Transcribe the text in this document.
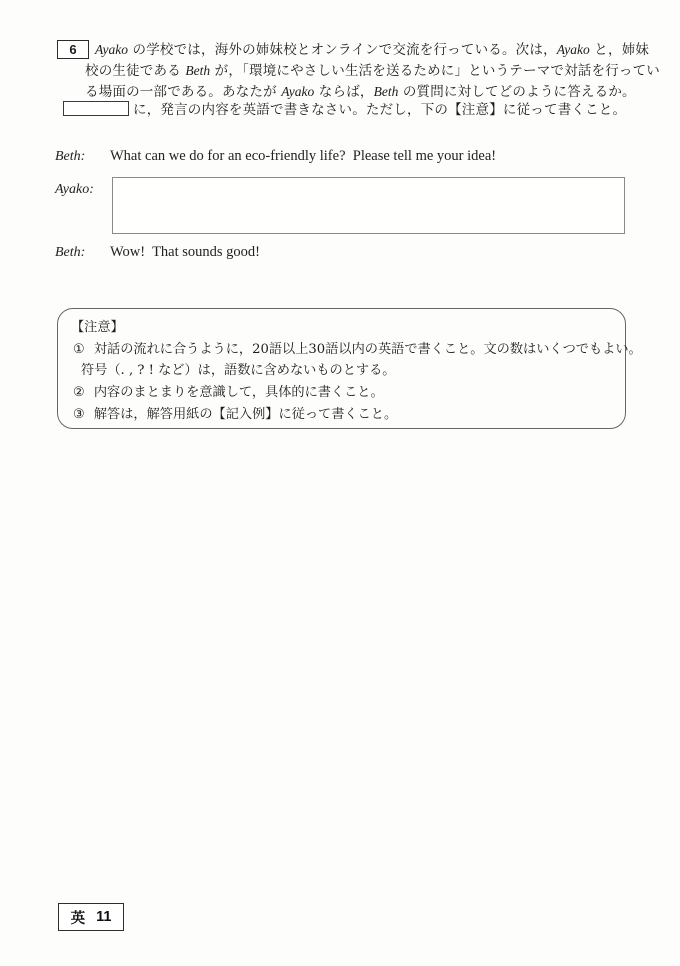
6	Ayako の学校では，海外の姉妹校とオンラインで交流を行っている。次は，Ayako と，姉妹
校の生徒である Beth が，「環境にやさしい生活を送るために」というテーマで対話を行ってい
る場面の一部である。あなたが Ayako ならば，Beth の質問に対してどのように答えるか。
に，発言の内容を英語で書きなさい。ただし，下の【注意】に従って書くこと。
Beth: What can we do for an eco-friendly life?  Please tell me your idea!
Ayako:
Beth: Wow!  That sounds good!
【注意】
① 対話の流れに合うように，20語以上30語以内の英語で書くこと。文の数はいくつでもよい。
符号（. , ? ! など）は，語数に含めないものとする。
② 内容のまとまりを意識して，具体的に書くこと。
③ 解答は，解答用紙の【記入例】に従って書くこと。
英 11
